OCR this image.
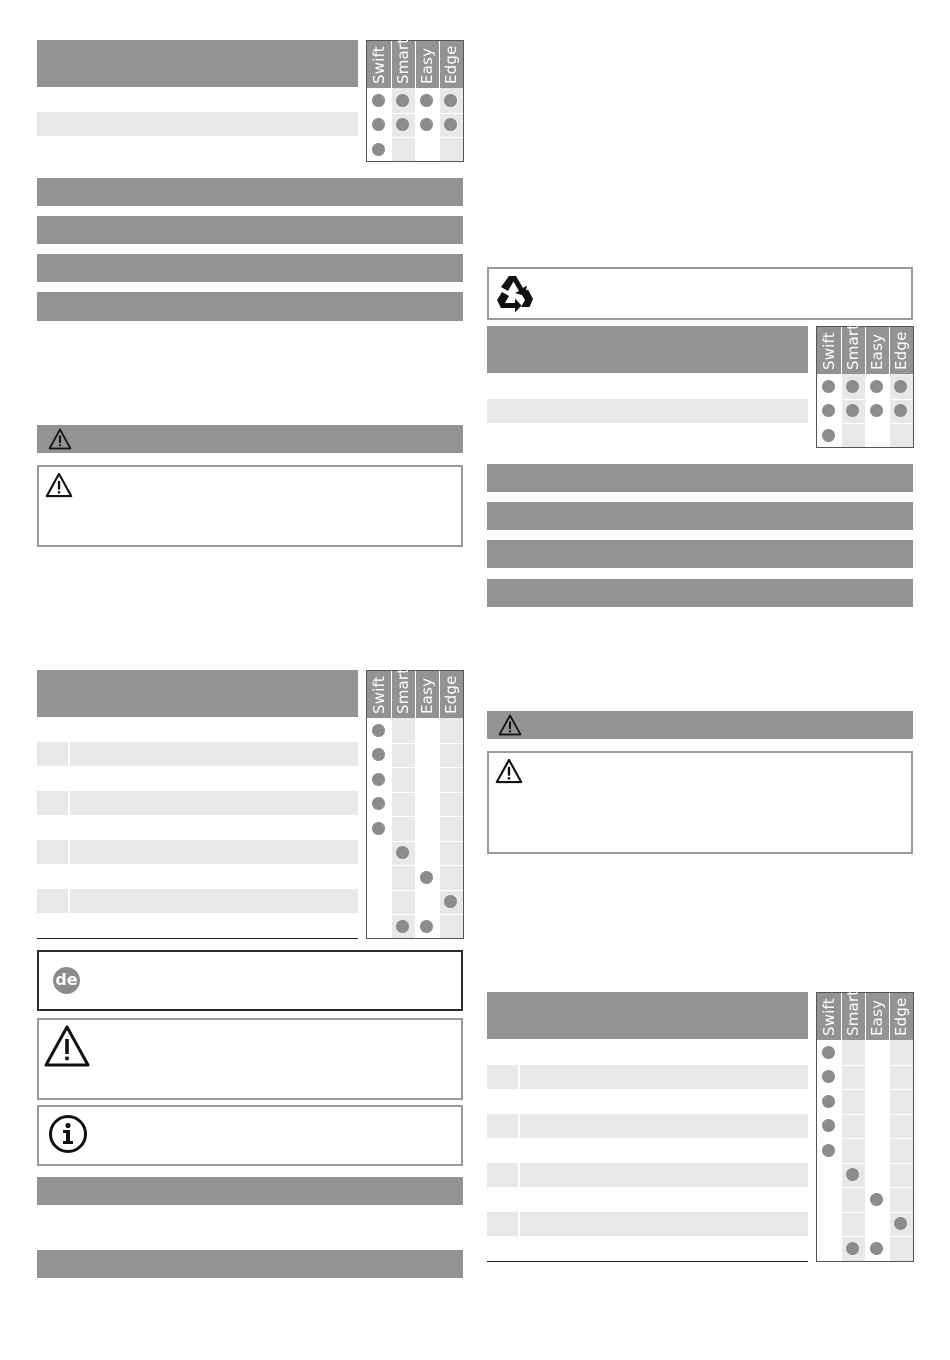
Swift Smart Easy Edge
Swift Smart Easy Edge
de
Swift Smart Easy Edge
Swift Smart Easy Edge
